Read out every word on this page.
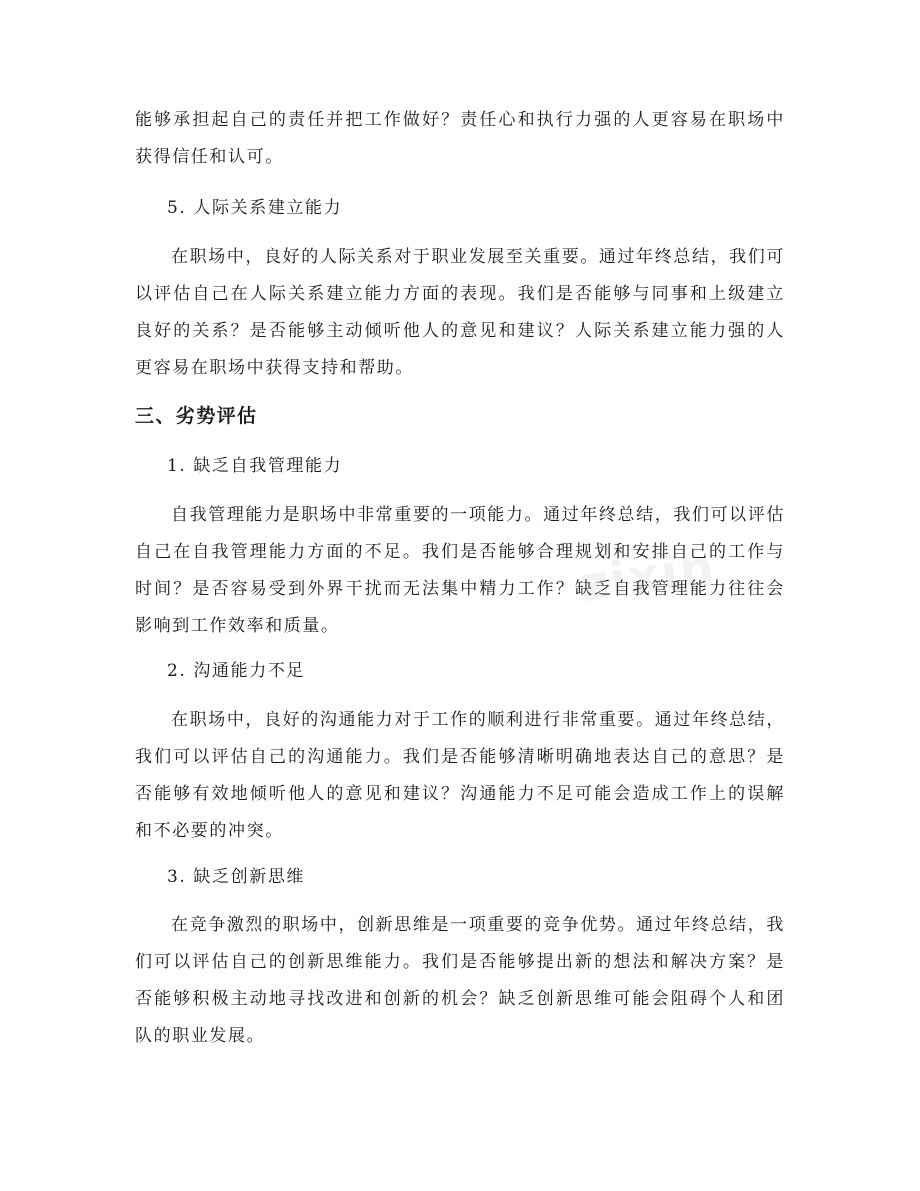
能够承担起自己的责任并把工作做好？责任心和执行力强的人更容易在职场中获得信任和认可。

5. 人际关系建立能力

在职场中，良好的人际关系对于职业发展至关重要。通过年终总结，我们可以评估自己在人际关系建立能力方面的表现。我们是否能够与同事和上级建立良好的关系？是否能够主动倾听他人的意见和建议？人际关系建立能力强的人更容易在职场中获得支持和帮助。

三、劣势评估

1. 缺乏自我管理能力

自我管理能力是职场中非常重要的一项能力。通过年终总结，我们可以评估自己在自我管理能力方面的不足。我们是否能够合理规划和安排自己的工作与时间？是否容易受到外界干扰而无法集中精力工作？缺乏自我管理能力往往会影响到工作效率和质量。

2. 沟通能力不足

在职场中，良好的沟通能力对于工作的顺利进行非常重要。通过年终总结，我们可以评估自己的沟通能力。我们是否能够清晰明确地表达自己的意思？是否能够有效地倾听他人的意见和建议？沟通能力不足可能会造成工作上的误解和不必要的冲突。

3. 缺乏创新思维

在竞争激烈的职场中，创新思维是一项重要的竞争优势。通过年终总结，我们可以评估自己的创新思维能力。我们是否能够提出新的想法和解决方案？是否能够积极主动地寻找改进和创新的机会？缺乏创新思维可能会阻碍个人和团队的职业发展。

zixin
